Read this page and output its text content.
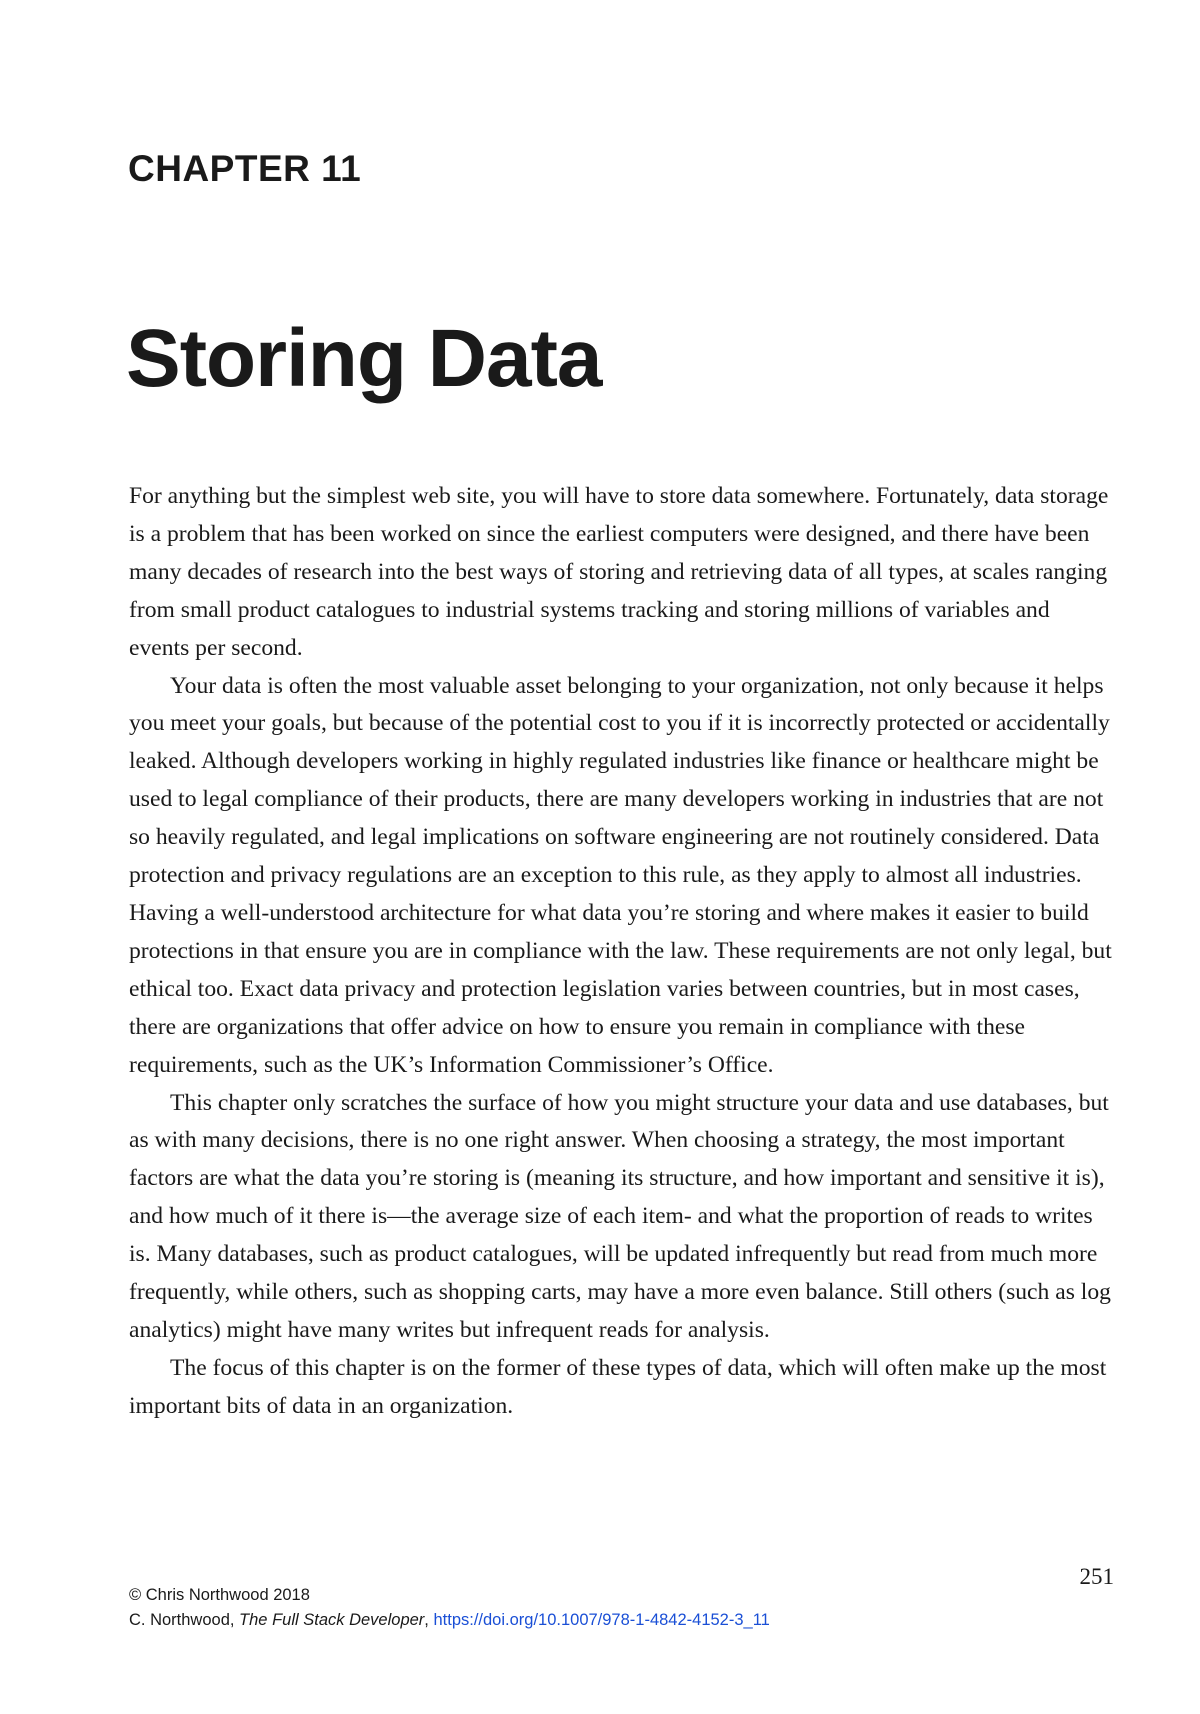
CHAPTER 11
Storing Data

For anything but the simplest web site, you will have to store data somewhere. Fortunately, data storage is a problem that has been worked on since the earliest computers were designed, and there have been many decades of research into the best ways of storing and retrieving data of all types, at scales ranging from small product catalogues to industrial systems tracking and storing millions of variables and events per second.

Your data is often the most valuable asset belonging to your organization, not only because it helps you meet your goals, but because of the potential cost to you if it is incorrectly protected or accidentally leaked. Although developers working in highly regulated industries like finance or healthcare might be used to legal compliance of their products, there are many developers working in industries that are not so heavily regulated, and legal implications on software engineering are not routinely considered. Data protection and privacy regulations are an exception to this rule, as they apply to almost all industries. Having a well-understood architecture for what data you’re storing and where makes it easier to build protections in that ensure you are in compliance with the law. These requirements are not only legal, but ethical too. Exact data privacy and protection legislation varies between countries, but in most cases, there are organizations that offer advice on how to ensure you remain in compliance with these requirements, such as the UK’s Information Commissioner’s Office.

This chapter only scratches the surface of how you might structure your data and use databases, but as with many decisions, there is no one right answer. When choosing a strategy, the most important factors are what the data you’re storing is (meaning its structure, and how important and sensitive it is), and how much of it there is—the average size of each item- and what the proportion of reads to writes is. Many databases, such as product catalogues, will be updated infrequently but read from much more frequently, while others, such as shopping carts, may have a more even balance. Still others (such as log analytics) might have many writes but infrequent reads for analysis.

The focus of this chapter is on the former of these types of data, which will often make up the most important bits of data in an organization.

251
© Chris Northwood 2018
C. Northwood, The Full Stack Developer, https://doi.org/10.1007/978-1-4842-4152-3_11
